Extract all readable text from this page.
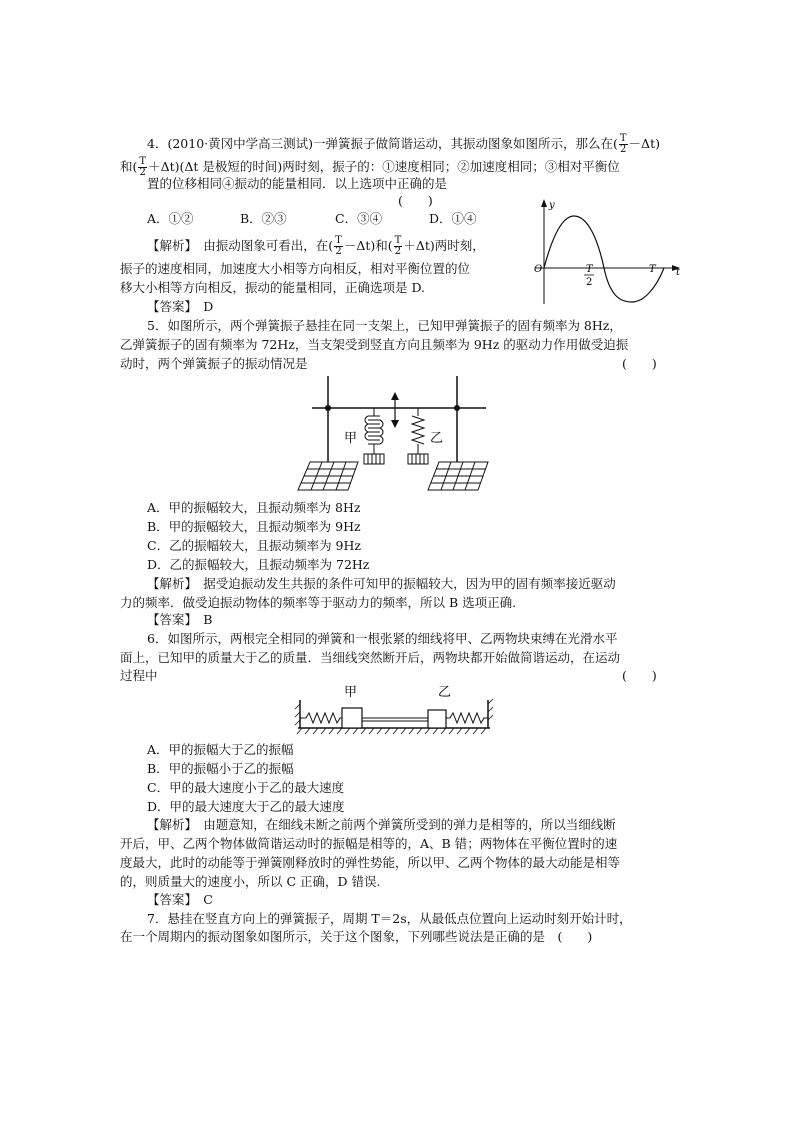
4．(2010·黄冈中学高三测试)一弹簧振子做简谐运动，其振动图象如图所示，那么在( $\frac{T}{2} -\Delta t$)
和( $\frac{T}{2} +\Delta t)(\Delta t$ 是极短的时间)两时刻，振子的：①速度相同；②加速度相同；③相对平衡位
置的位移相同④振动的能量相同．以上选项中正确的是
(　　)
A．①②	B．②③	C．③④	D．①④
【解析】　 由振动图象可看出，在( $\frac{T}{2} -\Delta t$)和( $\frac{T}{2} +\Delta t$)两时刻，
振子的速度相同，加速度大小相等方向相反，相对平衡位置的位
移大小相等方向相反，振动的能量相同，正确选项是 D.
【答案】　 D
y
t
O	T
T
2
5．如图所示，两个弹簧振子悬挂在同一支架上，已知甲弹簧振子的固有频率为 8Hz，
乙弹簧振子的固有频率为 72Hz，当支架受到竖直方向且频率为 9Hz 的驱动力作用做受迫振
动时，两个弹簧振子的振动情况是	(　　)
甲	乙
A．甲的振幅较大，且振动频率为 8Hz
B．甲的振幅较大，且振动频率为 9Hz
C．乙的振幅较大，且振动频率为 9Hz
D．乙的振幅较大，且振动频率为 72Hz
【解析】　 据受迫振动发生共振的条件可知甲的振幅较大，因为甲的固有频率接近驱动
力的频率．做受迫振动物体的频率等于驱动力的频率，所以 B 选项正确.
【答案】　 B
6．如图所示，两根完全相同的弹簧和一根张紧的细线将甲、乙两物块束缚在光滑水平
面上，已知甲的质量大于乙的质量．当细线突然断开后，两物块都开始做简谐运动，在运动
过程中	(　　)
甲	乙
A．甲的振幅大于乙的振幅
B．甲的振幅小于乙的振幅
C．甲的最大速度小于乙的最大速度
D．甲的最大速度大于乙的最大速度
【解析】　 由题意知，在细线未断之前两个弹簧所受到的弹力是相等的，所以当细线断
开后，甲、乙两个物体做简谐运动时的振幅是相等的，A、B 错；两物体在平衡位置时的速
度最大，此时的动能等于弹簧刚释放时的弹性势能，所以甲、乙两个物体的最大动能是相等
的，则质量大的速度小，所以 C 正确，D 错误.
【答案】　 C
7．悬挂在竖直方向上的弹簧振子，周期 T＝2s，从最低点位置向上运动时刻开始计时，
在一个周期内的振动图象如图所示，关于这个图象，下列哪些说法是正确的是　 (　　)
